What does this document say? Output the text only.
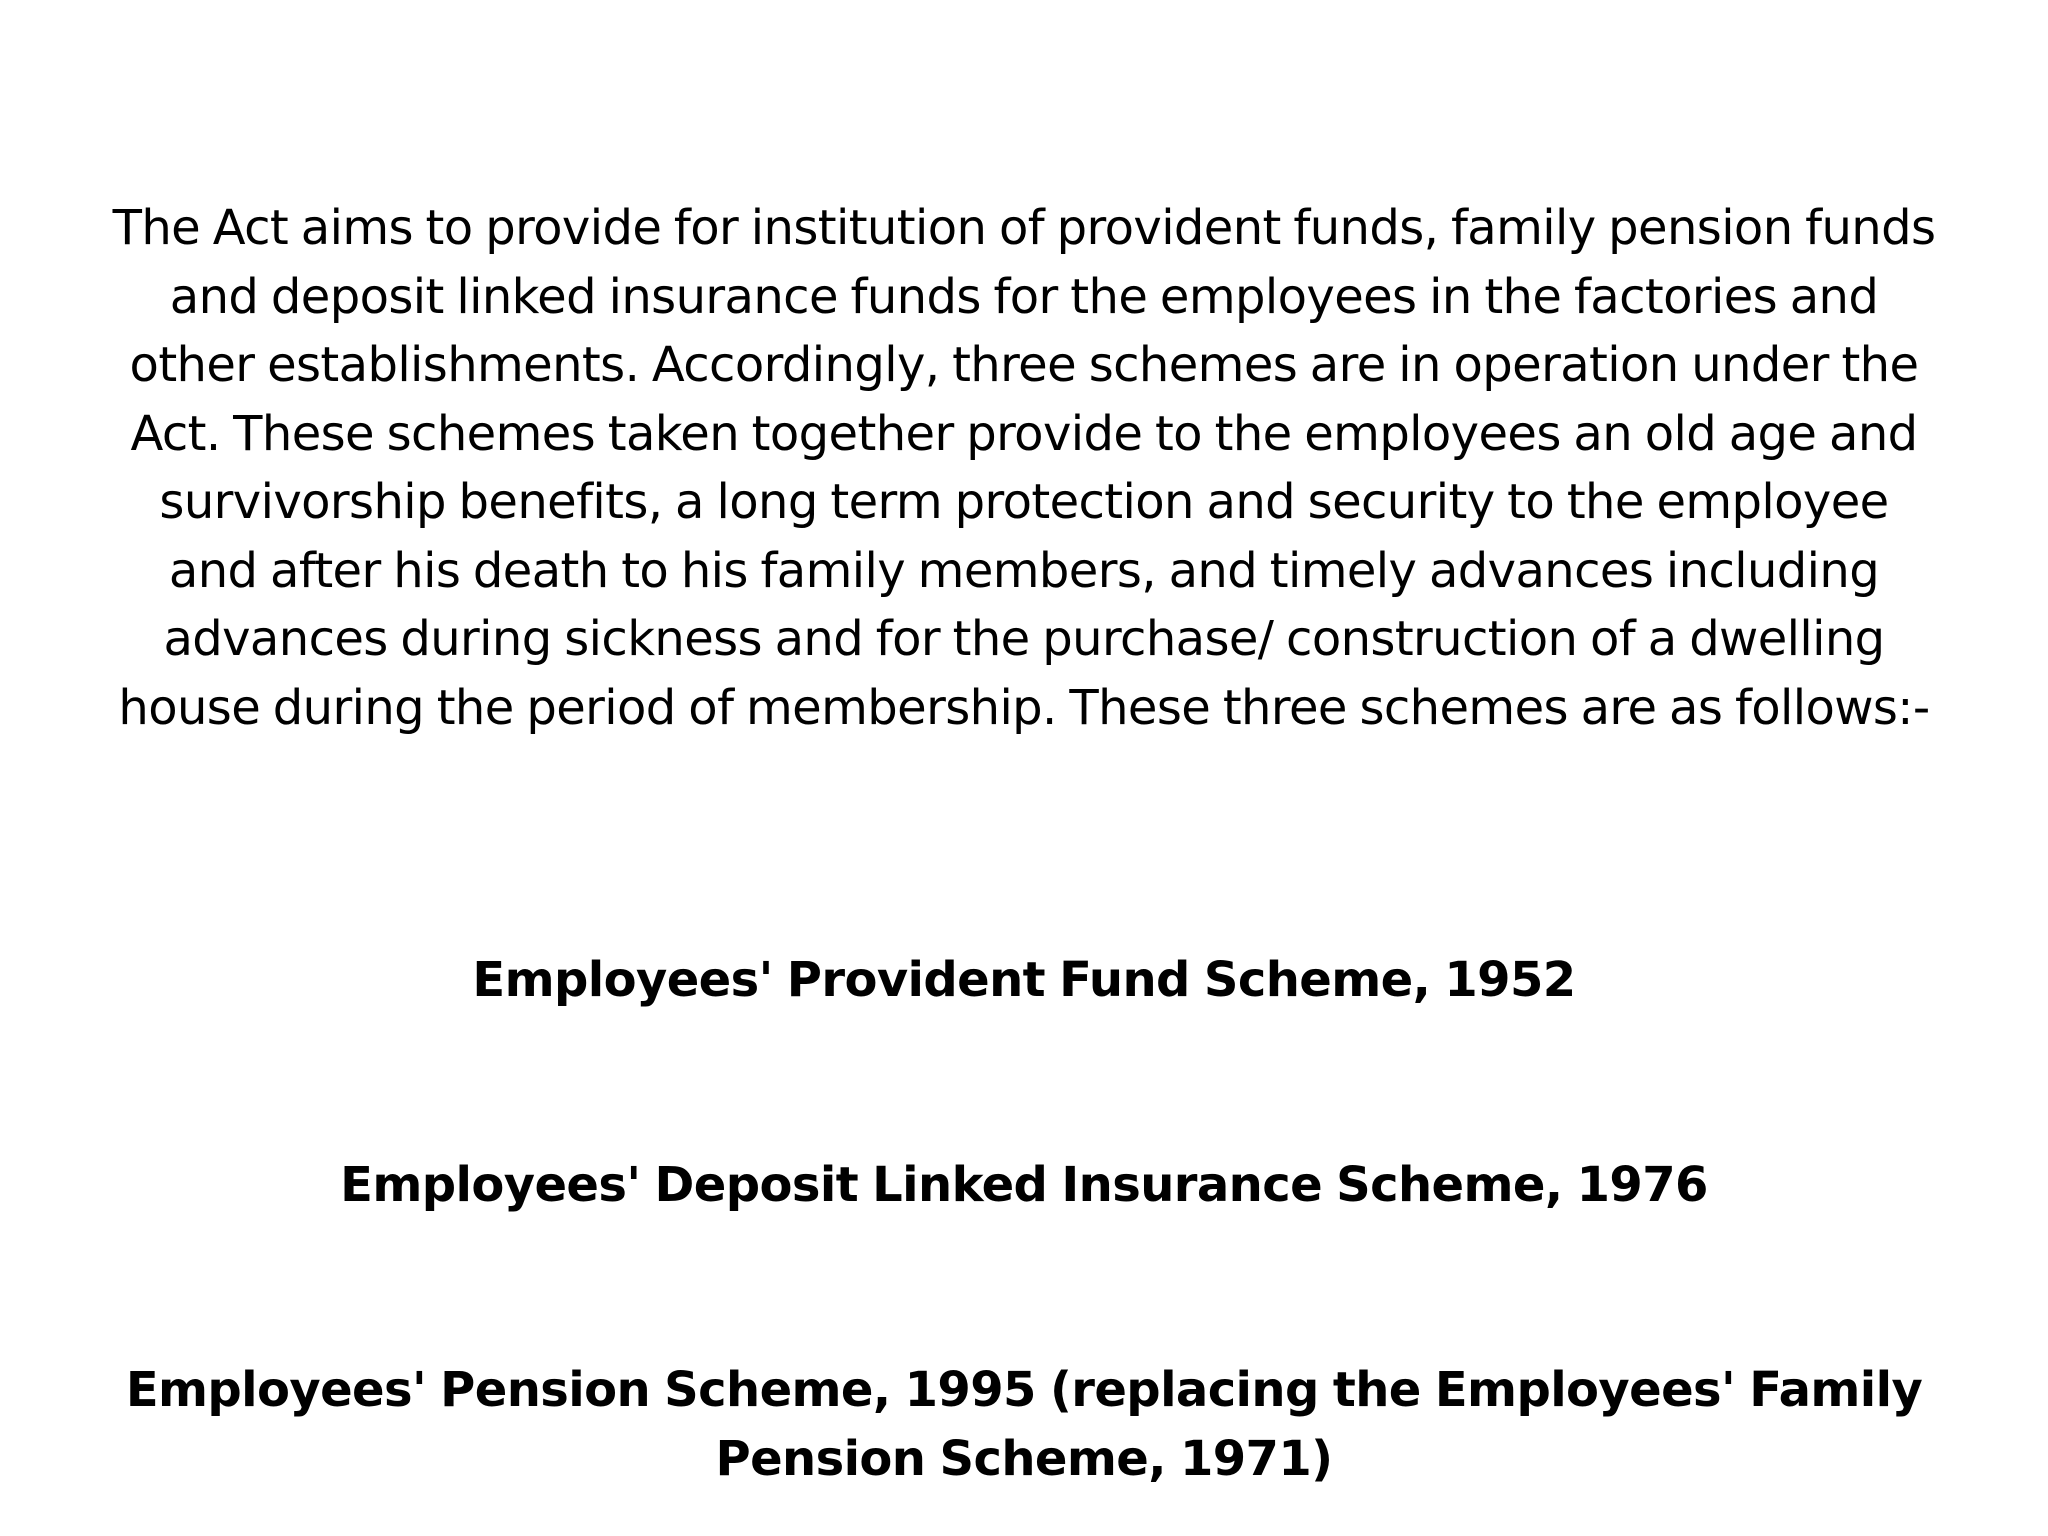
The Act aims to provide for institution of provident funds, family pension funds and deposit linked insurance funds for the employees in the factories and other establishments. Accordingly, three schemes are in operation under the Act. These schemes taken together provide to the employees an old age and survivorship benefits, a long term protection and security to the employee and after his death to his family members, and timely advances including advances during sickness and for the purchase/ construction of a dwelling house during the period of membership. These three schemes are as follows:-

Employees' Provident Fund Scheme, 1952

Employees' Deposit Linked Insurance Scheme, 1976

Employees' Pension Scheme, 1995 (replacing the Employees' Family Pension Scheme, 1971)
